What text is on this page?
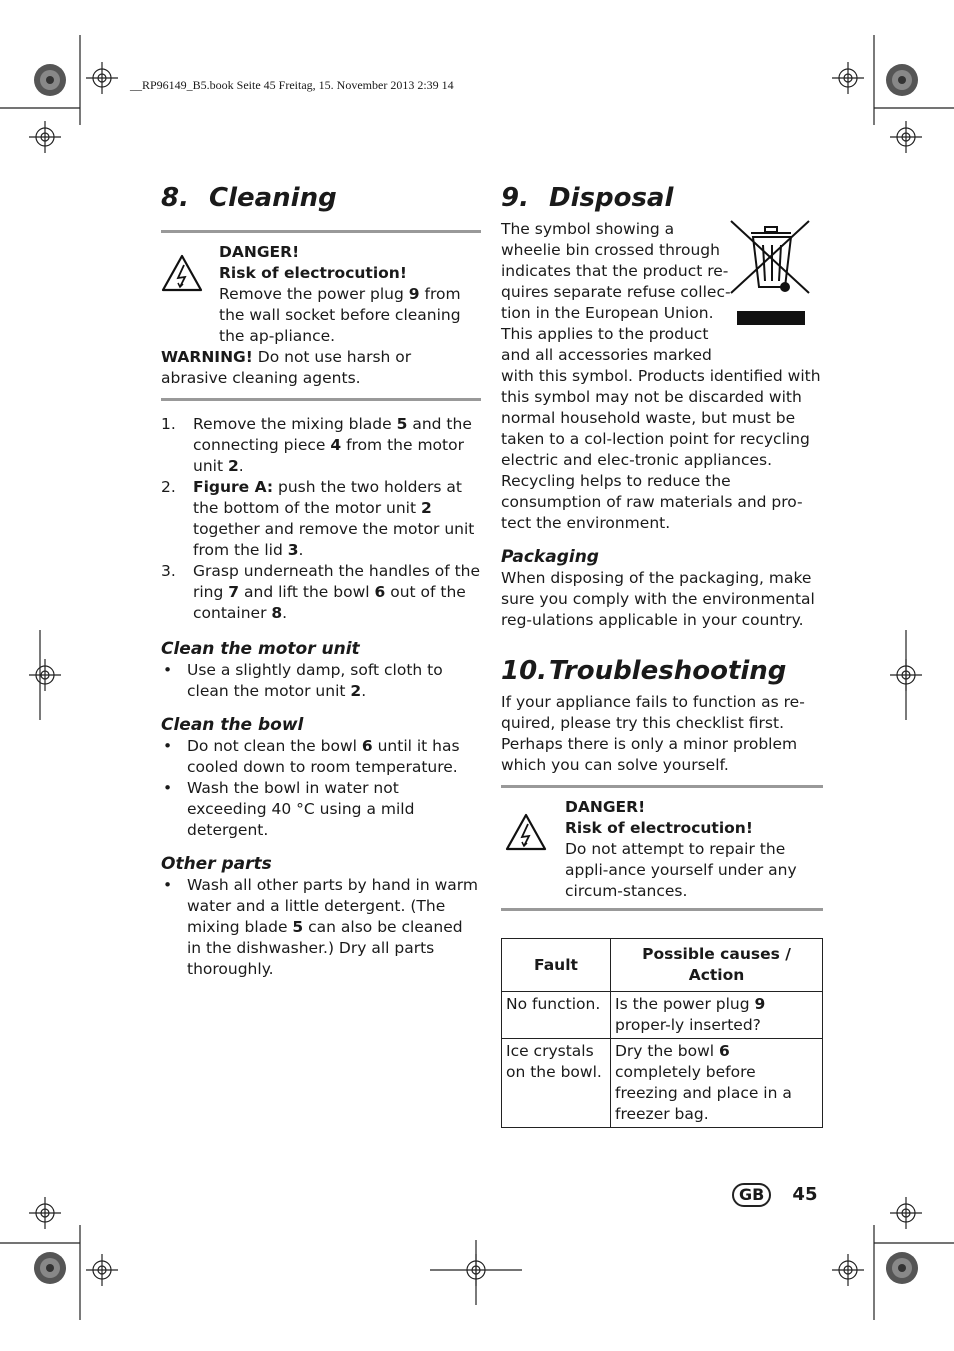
__RP96149_B5.book Seite 45 Freitag, 15. November 2013 2:39 14
8. Cleaning

DANGER!

Risk of electrocution!

Remove the power plug 9 from the wall socket before cleaning the ap-pliance.

WARNING! Do not use harsh or abrasive cleaning agents.

1. Remove the mixing blade 5 and the connecting piece 4 from the motor unit 2.
2. Figure A: push the two holders at the bottom of the motor unit 2 together and remove the motor unit from the lid 3.
3. Grasp underneath the handles of the ring 7 and lift the bowl 6 out of the container 8.
Clean the motor unit
• Use a slightly damp, soft cloth to clean the motor unit 2.
Clean the bowl
• Do not clean the bowl 6 until it has cooled down to room temperature.
• Wash the bowl in water not exceeding 40 °C using a mild detergent.
Other parts
• Wash all other parts by hand in warm water and a little detergent. (The mixing blade 5 can also be cleaned in the dishwasher.) Dry all parts thoroughly.
9. Disposal
The symbol showing a
wheelie bin crossed through
indicates that the product re-
quires separate refuse collec-
tion in the European Union.
This applies to the product
and all accessories marked

with this symbol. Products identified with this symbol may not be discarded with normal household waste, but must be taken to a col-lection point for recycling electric and elec-tronic appliances. Recycling helps to reduce the consumption of raw materials and pro-tect the environment.

Packaging

When disposing of the packaging, make sure you comply with the environmental reg-ulations applicable in your country.

10.Troubleshooting

If your appliance fails to function as re-quired, please try this checklist first. Perhaps there is only a minor problem which you can solve yourself.

DANGER!

Risk of electrocution!

Do not attempt to repair the appli-ance yourself under any circum-stances.

Fault	Possible causes / Action
No function.	Is the power plug 9 proper-ly inserted?
Ice crystals on the bowl.	Dry the bowl 6 completely before freezing and place in a freezer bag.
GB 45
